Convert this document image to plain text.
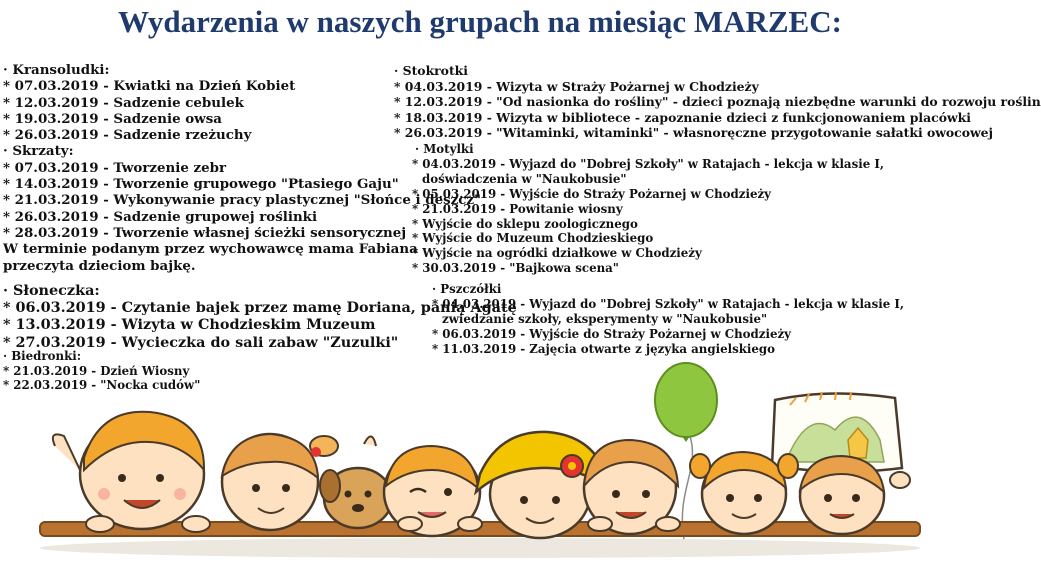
Wydarzenia w naszych grupach na miesiąc MARZEC:
· Kransoludki:
* 07.03.2019 - Kwiatki na Dzień Kobiet
* 12.03.2019 - Sadzenie cebulek
* 19.03.2019 - Sadzenie owsa
* 26.03.2019 - Sadzenie rzeżuchy
· Skrzaty:
* 07.03.2019 - Tworzenie zebr
* 14.03.2019 - Tworzenie grupowego "Ptasiego Gaju"
* 21.03.2019 - Wykonywanie pracy plastycznej "Słońce i deszcz"
* 26.03.2019 - Sadzenie grupowej roślinki
* 28.03.2019 - Tworzenie własnej ścieżki sensorycznej
W terminie podanym przez wychowawcę mama Fabiana
przeczyta dzieciom bajkę.
· Słoneczka:
* 06.03.2019 - Czytanie bajek przez mamę Doriana, panią Agatę
* 13.03.2019 - Wizyta w Chodzieskim Muzeum
* 27.03.2019 - Wycieczka do sali zabaw "Zuzulki"
· Biedronki:
* 21.03.2019 - Dzień Wiosny
* 22.03.2019 - "Nocka cudów"
· Stokrotki
* 04.03.2019 - Wizyta w Straży Pożarnej w Chodzieży
* 12.03.2019 - "Od nasionka do rośliny" - dzieci poznają niezbędne warunki do rozwoju roślin
* 18.03.2019 - Wizyta w bibliotece - zapoznanie dzieci z funkcjonowaniem placówki
* 26.03.2019 - "Witaminki, witaminki" - własnoręczne przygotowanie sałatki owocowej
· Motylki
* 04.03.2019 - Wyjazd do "Dobrej Szkoły" w Ratajach - lekcja w klasie I,
doświadczenia w "Naukobusie"
* 05.03.2019 - Wyjście do Straży Pożarnej w Chodzieży
* 21.03.2019 - Powitanie wiosny
* Wyjście do sklepu zoologicznego
* Wyjście do Muzeum Chodzieskiego
* Wyjście na ogródki działkowe w Chodzieży
* 30.03.2019 - "Bajkowa scena"
· Pszczółki
* 04.03.2019 - Wyjazd do "Dobrej Szkoły" w Ratajach - lekcja w klasie I,
zwiedzanie szkoły, eksperymenty w "Naukobusie"
* 06.03.2019 - Wyjście do Straży Pożarnej w Chodzieży
* 11.03.2019 - Zajęcia otwarte z języka angielskiego
